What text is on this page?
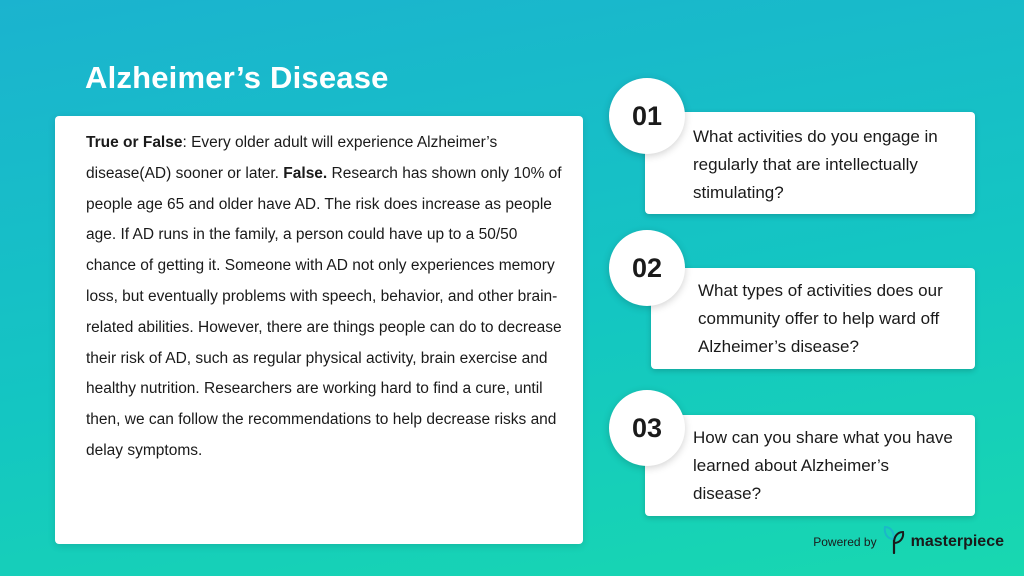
Alzheimer’s Disease

True or False: Every older adult will experience Alzheimer’s disease(AD) sooner or later. False. Research has shown only 10% of people age 65 and older have AD. The risk does increase as people age. If AD runs in the family, a person could have up to a 50/50 chance of getting it. Someone with AD not only experiences memory loss, but eventually problems with speech, behavior, and other brain-related abilities. However, there are things people can do to decrease their risk of AD, such as regular physical activity, brain exercise and healthy nutrition. Researchers are working hard to find a cure, until then, we can follow the recommendations to help decrease risks and delay symptoms.

What activities do you engage in regularly that are intellectually stimulating?
01
What types of activities does our community offer to help ward off Alzheimer’s disease?
02
How can you share what you have learned about Alzheimer’s disease?
03
Powered by masterpiece
